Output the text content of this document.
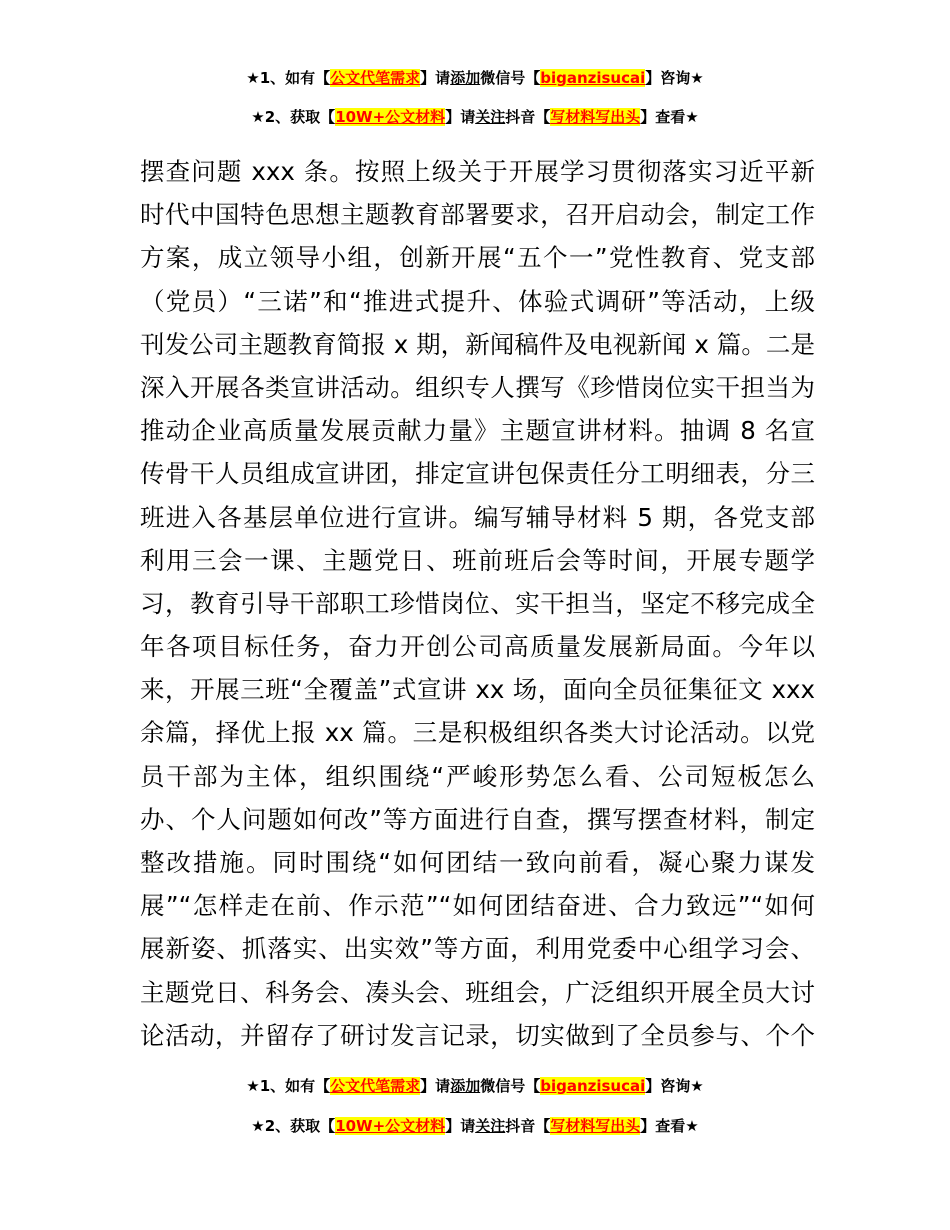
★1、如有【公文代笔需求】请添加微信号【biganzisucai】咨询★
★2、获取【10W+公文材料】请关注抖音【写材料写出头】查看★
摆查问题 xxx 条。按照上级关于开展学习贯彻落实习近平新
时代中国特色思想主题教育部署要求，召开启动会，制定工作
方案，成立领导小组，创新开展“五个一”党性教育、党支部
（党员）“三诺”和“推进式提升、体验式调研”等活动，上级
刊发公司主题教育简报 x 期，新闻稿件及电视新闻 x 篇。二是
深入开展各类宣讲活动。组织专人撰写《珍惜岗位实干担当为
推动企业高质量发展贡献力量》主题宣讲材料。抽调 8 名宣
传骨干人员组成宣讲团，排定宣讲包保责任分工明细表，分三
班进入各基层单位进行宣讲。编写辅导材料 5 期，各党支部
利用三会一课、主题党日、班前班后会等时间，开展专题学
习，教育引导干部职工珍惜岗位、实干担当，坚定不移完成全
年各项目标任务，奋力开创公司高质量发展新局面。今年以
来，开展三班“全覆盖”式宣讲 xx 场，面向全员征集征文 xxx
余篇，择优上报 xx 篇。三是积极组织各类大讨论活动。以党
员干部为主体，组织围绕“严峻形势怎么看、公司短板怎么
办、个人问题如何改”等方面进行自查，撰写摆查材料，制定
整改措施。同时围绕“如何团结一致向前看，凝心聚力谋发
展”“怎样走在前、作示范”“如何团结奋进、合力致远”“如何
展新姿、抓落实、出实效”等方面，利用党委中心组学习会、
主题党日、科务会、凑头会、班组会，广泛组织开展全员大讨
论活动，并留存了研讨发言记录，切实做到了全员参与、个个
★1、如有【公文代笔需求】请添加微信号【biganzisucai】咨询★
★2、获取【10W+公文材料】请关注抖音【写材料写出头】查看★
